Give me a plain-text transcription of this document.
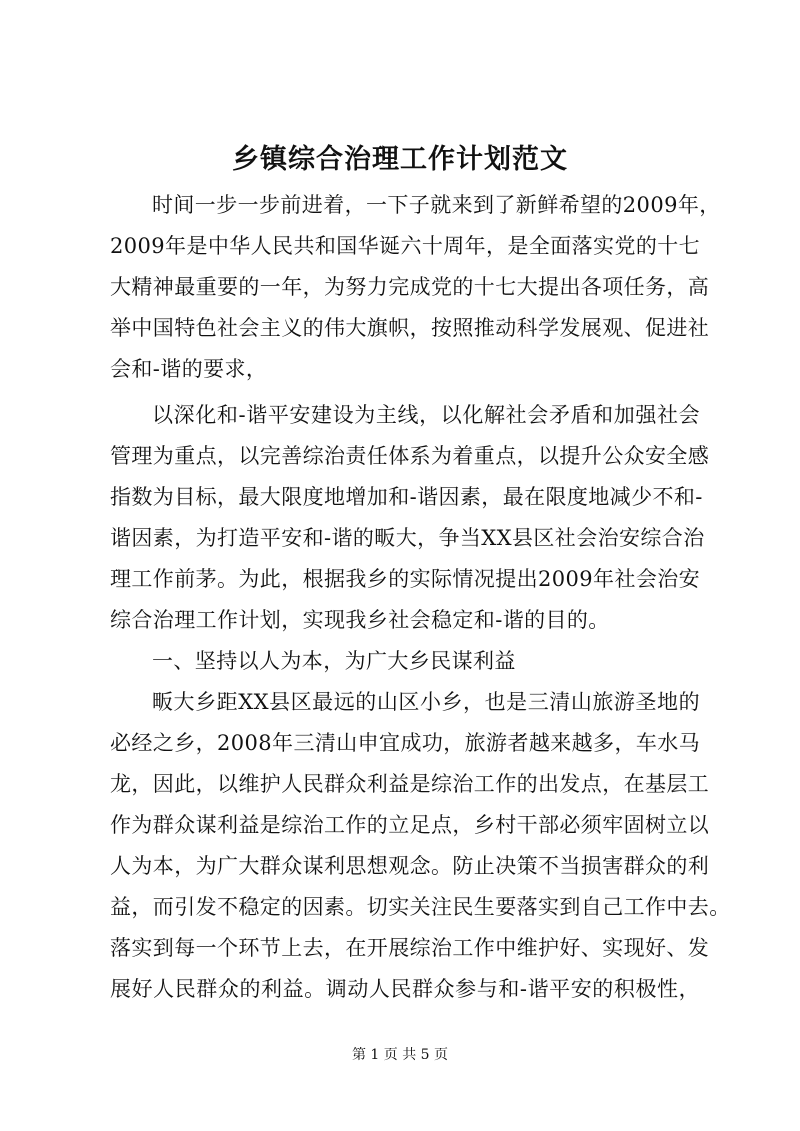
乡镇综合治理工作计划范文
时间一步一步前进着，一下子就来到了新鲜希望的2009年，
2009年是中华人民共和国华诞六十周年，是全面落实党的十七
大精神最重要的一年，为努力完成党的十七大提出各项任务，高
举中国特色社会主义的伟大旗帜，按照推动科学发展观、促进社
会和-谐的要求，
以深化和-谐平安建设为主线，以化解社会矛盾和加强社会
管理为重点，以完善综治责任体系为着重点，以提升公众安全感
指数为目标，最大限度地增加和-谐因素，最在限度地减少不和-
谐因素，为打造平安和-谐的畈大，争当XX县区社会治安综合治
理工作前茅。为此，根据我乡的实际情况提出2009年社会治安
综合治理工作计划，实现我乡社会稳定和-谐的目的。
一、坚持以人为本，为广大乡民谋利益
畈大乡距XX县区最远的山区小乡，也是三清山旅游圣地的
必经之乡，2008年三清山申宜成功，旅游者越来越多，车水马
龙，因此，以维护人民群众利益是综治工作的出发点，在基层工
作为群众谋利益是综治工作的立足点，乡村干部必须牢固树立以
人为本，为广大群众谋利思想观念。防止决策不当损害群众的利
益，而引发不稳定的因素。切实关注民生要落实到自己工作中去。
落实到每一个环节上去，在开展综治工作中维护好、实现好、发
展好人民群众的利益。调动人民群众参与和-谐平安的积极性，
第 1 页 共 5 页
